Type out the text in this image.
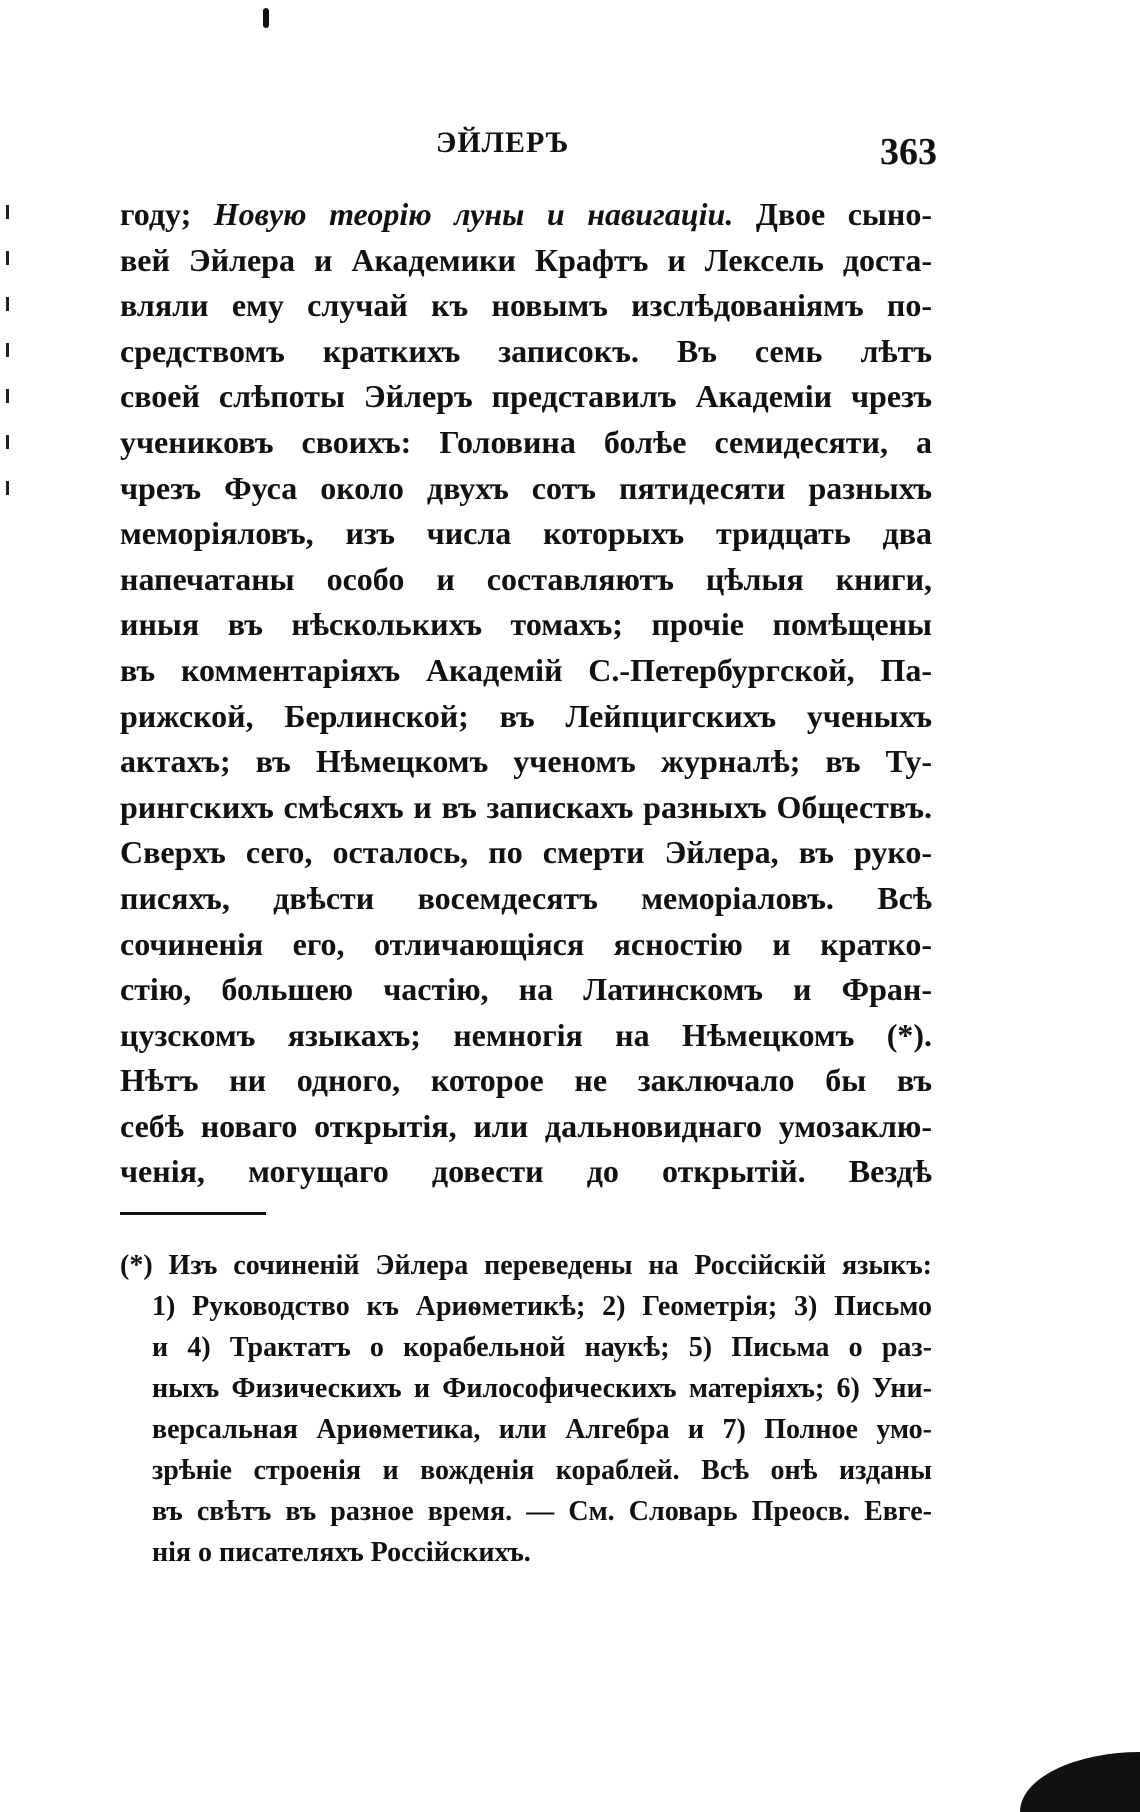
ЭЙЛЕРЪ	363
году; Новую теорію луны и навигаціи. Двое сыно-
вей Эйлера и Академики Крафтъ и Лексель доста-
вляли ему случай къ новымъ изслѣдованіямъ по-
средствомъ краткихъ записокъ. Въ семь лѣтъ
своей слѣпоты Эйлеръ представилъ Академіи чрезъ
учениковъ своихъ: Головина болѣе семидесяти, а
чрезъ Фуса около двухъ сотъ пятидесяти разныхъ
меморіяловъ, изъ числа которыхъ тридцать два
напечатаны особо и составляютъ цѣлыя книги,
иныя въ нѣсколькихъ томахъ; прочіе помѣщены
въ комментаріяхъ Академій С.-Петербургской, Па-
рижской, Берлинской; въ Лейпцигскихъ ученыхъ
актахъ; въ Нѣмецкомъ ученомъ журналѣ; въ Ту-
рингскихъ смѣсяхъ и въ запискахъ разныхъ Обществъ.
Сверхъ сего, осталось, по смерти Эйлера, въ руко-
писяхъ, двѣсти восемдесятъ меморіаловъ. Всѣ
сочиненія его, отличающіяся ясностію и кратко-
стію, большею частію, на Латинскомъ и Фран-
цузскомъ языкахъ; немногія на Нѣмецкомъ (*).
Нѣтъ ни одного, которое не заключало бы въ
себѣ новаго открытія, или дальновиднаго умозаклю-
ченія, могущаго довести до открытій. Вездѣ
(*) Изъ сочиненій Эйлера переведены на Россійскій языкъ:
1) Руководство къ Ариѳметикѣ; 2) Геометрія; 3) Письмо
и 4) Трактатъ о корабельной наукѣ; 5) Письма о раз-
ныхъ Физическихъ и Философическихъ матеріяхъ; 6) Уни-
версальная Ариѳметика, или Алгебра и 7) Полное умо-
зрѣніе строенія и вожденія кораблей. Всѣ онѣ изданы
въ свѣтъ въ разное время. — См. Словарь Преосв. Евге-
нія о писателяхъ Россійскихъ.
